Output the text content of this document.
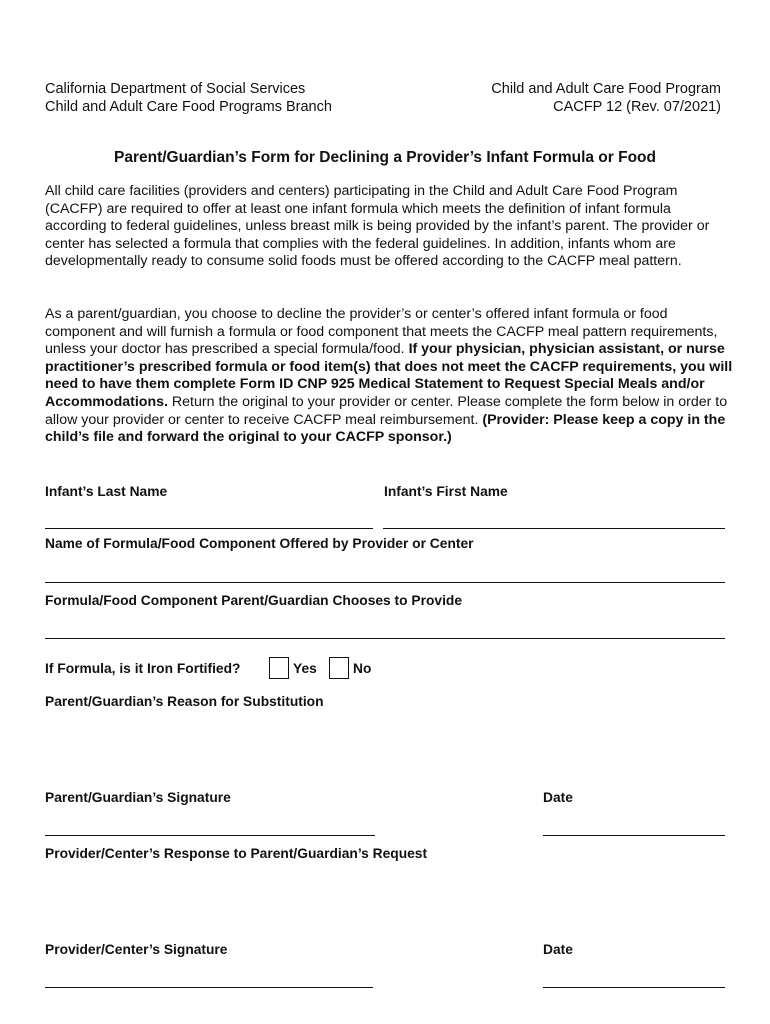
California Department of Social Services
Child and Adult Care Food Programs Branch
Child and Adult Care Food Program
CACFP 12 (Rev. 07/2021)
Parent/Guardian’s Form for Declining a Provider’s Infant Formula or Food
All child care facilities (providers and centers) participating in the Child and Adult Care Food Program (CACFP) are required to offer at least one infant formula which meets the definition of infant formula according to federal guidelines, unless breast milk is being provided by the infant’s parent. The provider or center has selected a formula that complies with the federal guidelines. In addition, infants whom are developmentally ready to consume solid foods must be offered according to the CACFP meal pattern.
As a parent/guardian, you choose to decline the provider’s or center’s offered infant formula or food component and will furnish a formula or food component that meets the CACFP meal pattern requirements, unless your doctor has prescribed a special formula/food. If your physician, physician assistant, or nurse practitioner’s prescribed formula or food item(s) that does not meet the CACFP requirements, you will need to have them complete Form ID CNP 925 Medical Statement to Request Special Meals and/or Accommodations. Return the original to your provider or center. Please complete the form below in order to allow your provider or center to receive CACFP meal reimbursement. (Provider: Please keep a copy in the child’s file and forward the original to your CACFP sponsor.)
Infant’s Last Name	Infant’s First Name
Name of Formula/Food Component Offered by Provider or Center
Formula/Food Component Parent/Guardian Chooses to Provide
If Formula, is it Iron Fortified?	Yes	No
Parent/Guardian’s Reason for Substitution
Parent/Guardian’s Signature	Date
Provider/Center’s Response to Parent/Guardian’s Request
Provider/Center’s Signature	Date
